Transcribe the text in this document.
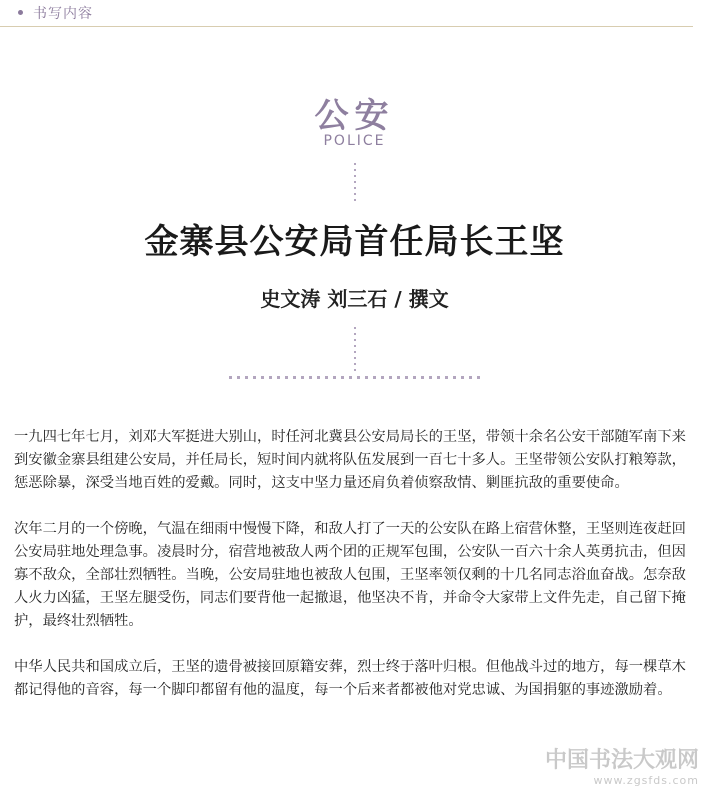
书写内容
公安
POLICE
金寨县公安局首任局长王坚
史文涛 刘三石 / 撰文

一九四七年七月，刘邓大军挺进大别山，时任河北冀县公安局局长的王坚，带领十余名公安干部随军南下来到安徽金寨县组建公安局，并任局长，短时间内就将队伍发展到一百七十多人。王坚带领公安队打粮筹款，惩恶除暴，深受当地百姓的爱戴。同时，这支中坚力量还肩负着侦察敌情、剿匪抗敌的重要使命。

次年二月的一个傍晚，气温在细雨中慢慢下降，和敌人打了一天的公安队在路上宿营休整，王坚则连夜赶回公安局驻地处理急事。凌晨时分，宿营地被敌人两个团的正规军包围，公安队一百六十余人英勇抗击，但因寡不敌众，全部壮烈牺牲。当晚，公安局驻地也被敌人包围，王坚率领仅剩的十几名同志浴血奋战。怎奈敌人火力凶猛，王坚左腿受伤，同志们要背他一起撤退，他坚决不肯，并命令大家带上文件先走，自己留下掩护，最终壮烈牺牲。

中华人民共和国成立后，王坚的遗骨被接回原籍安葬，烈士终于落叶归根。但他战斗过的地方，每一棵草木都记得他的音容，每一个脚印都留有他的温度，每一个后来者都被他对党忠诚、为国捐躯的事迹激励着。

中国书法大观网
www.zgsfds.com
